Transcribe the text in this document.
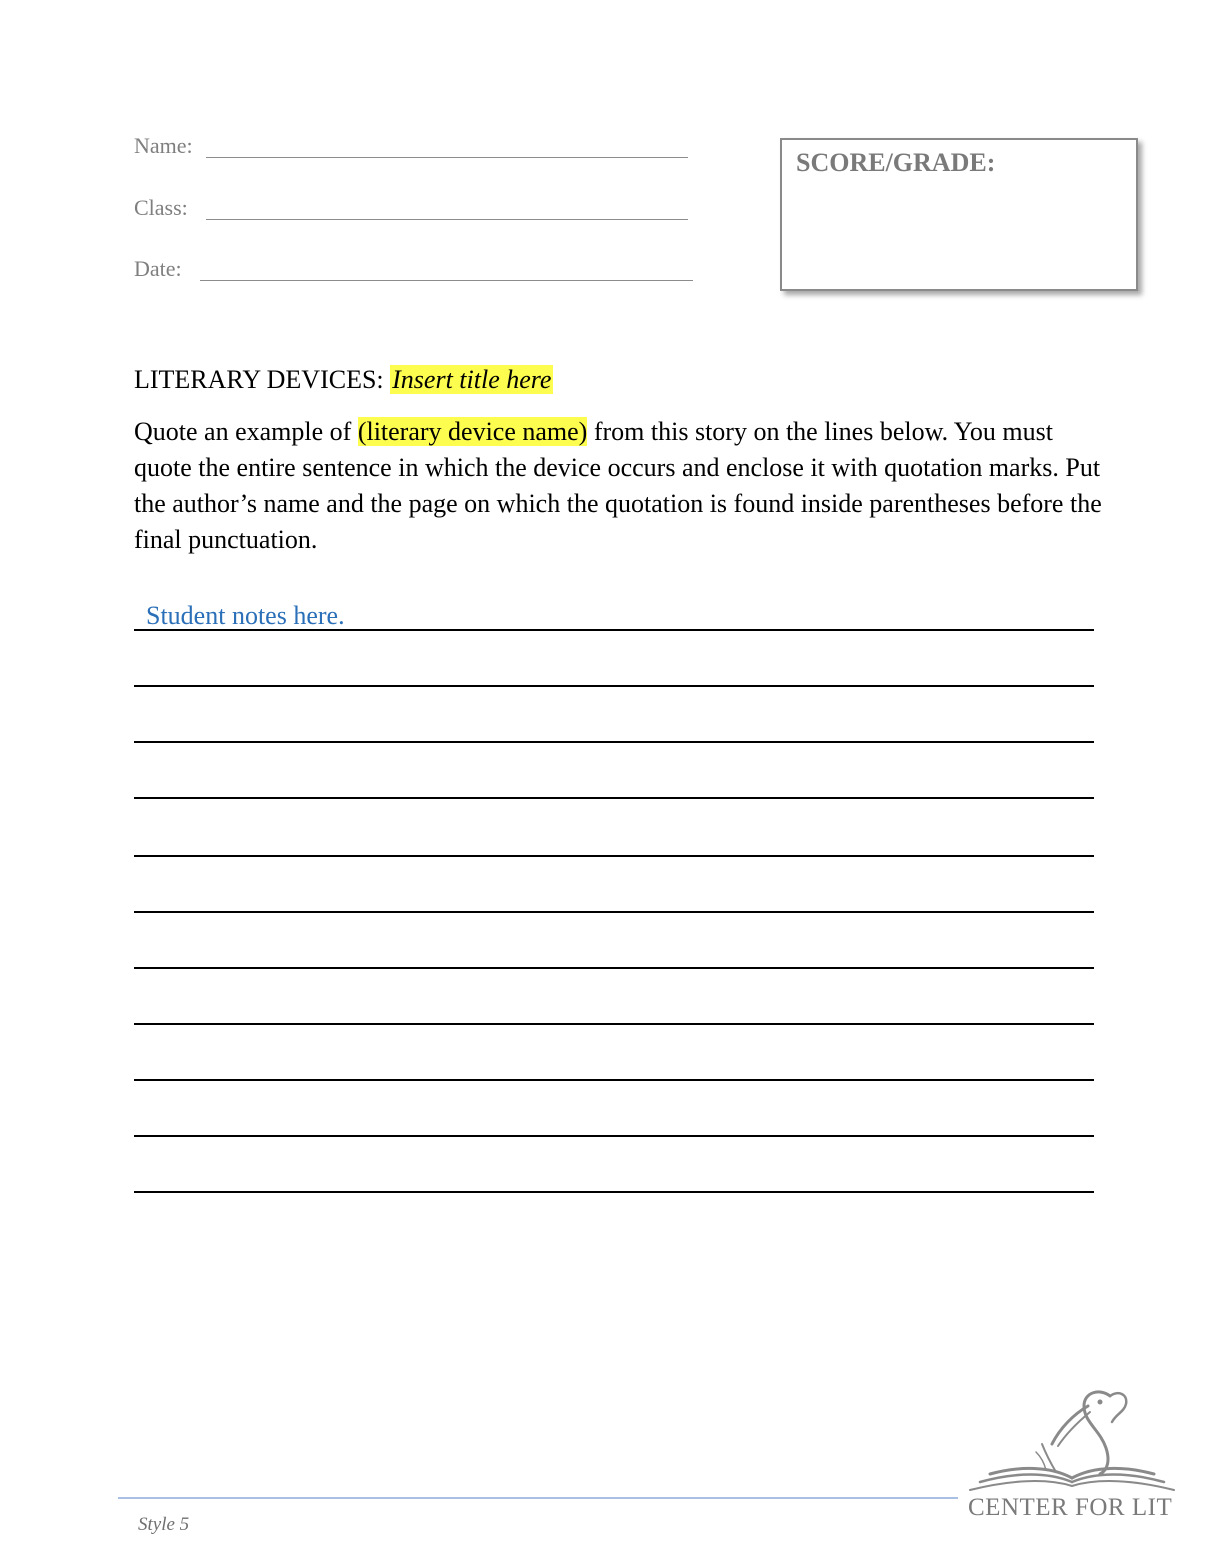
Name:
Class:
Date:
SCORE/GRADE:
LITERARY DEVICES: Insert title here
Quote an example of (literary device name) from this story on the lines below. You must quote the entire sentence in which the device occurs and enclose it with quotation marks. Put the author’s name and the page on which the quotation is found inside parentheses before the final punctuation.
Student notes here.
Style 5
CENTER FOR LIT
